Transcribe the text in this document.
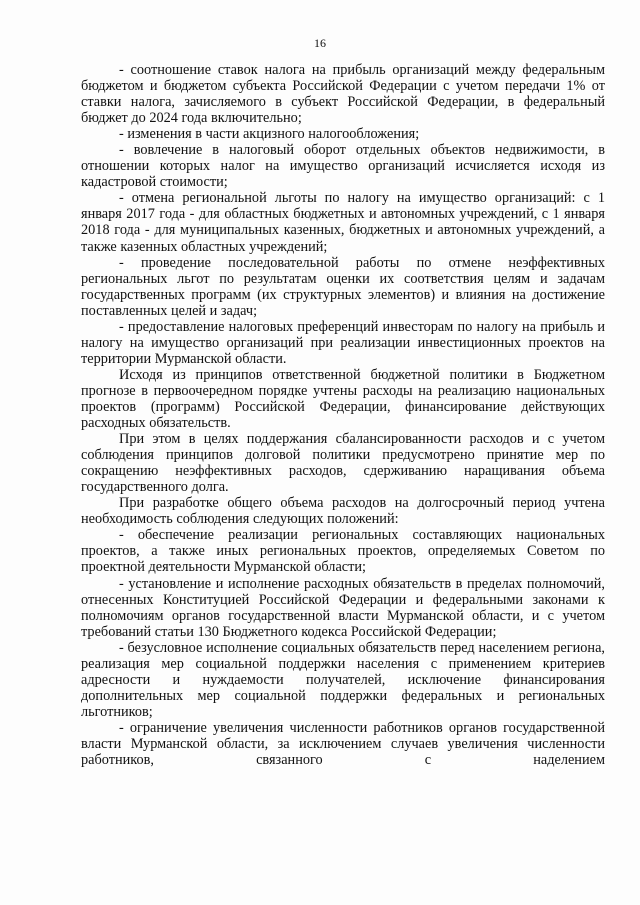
16

- соотношение ставок налога на прибыль организаций между федеральным бюджетом и бюджетом субъекта Российской Федерации с учетом передачи 1% от ставки налога, зачисляемого в субъект Российской Федерации, в федеральный бюджет до 2024 года включительно;

- изменения в части акцизного налогообложения;

- вовлечение в налоговый оборот отдельных объектов недвижимости, в отношении которых налог на имущество организаций исчисляется исходя из кадастровой стоимости;

- отмена региональной льготы по налогу на имущество организаций: с 1 января 2017 года - для областных бюджетных и автономных учреждений, с 1 января 2018 года - для муниципальных казенных, бюджетных и автономных учреждений, а также казенных областных учреждений;

- проведение последовательной работы по отмене неэффективных региональных льгот по результатам оценки их соответствия целям и задачам государственных программ (их структурных элементов) и влияния на достижение поставленных целей и задач;

- предоставление налоговых преференций инвесторам по налогу на прибыль и налогу на имущество организаций при реализации инвестиционных проектов на территории Мурманской области.

Исходя из принципов ответственной бюджетной политики в Бюджетном прогнозе в первоочередном порядке учтены расходы на реализацию национальных проектов (программ) Российской Федерации, финансирование действующих расходных обязательств.

При этом в целях поддержания сбалансированности расходов и с учетом соблюдения принципов долговой политики предусмотрено принятие мер по сокращению неэффективных расходов, сдерживанию наращивания объема государственного долга.

При разработке общего объема расходов на долгосрочный период учтена необходимость соблюдения следующих положений:

- обеспечение реализации региональных составляющих национальных проектов, а также иных региональных проектов, определяемых Советом по проектной деятельности Мурманской области;

- установление и исполнение расходных обязательств в пределах полномочий, отнесенных Конституцией Российской Федерации и федеральными законами к полномочиям органов государственной власти Мурманской области, и с учетом требований статьи 130 Бюджетного кодекса Российской Федерации;

- безусловное исполнение социальных обязательств перед населением региона, реализация мер социальной поддержки населения с применением критериев адресности и нуждаемости получателей, исключение финансирования дополнительных мер социальной поддержки федеральных и региональных льготников;

- ограничение увеличения численности работников органов государственной власти Мурманской области, за исключением случаев увеличения численности работников, связанного с наделением
